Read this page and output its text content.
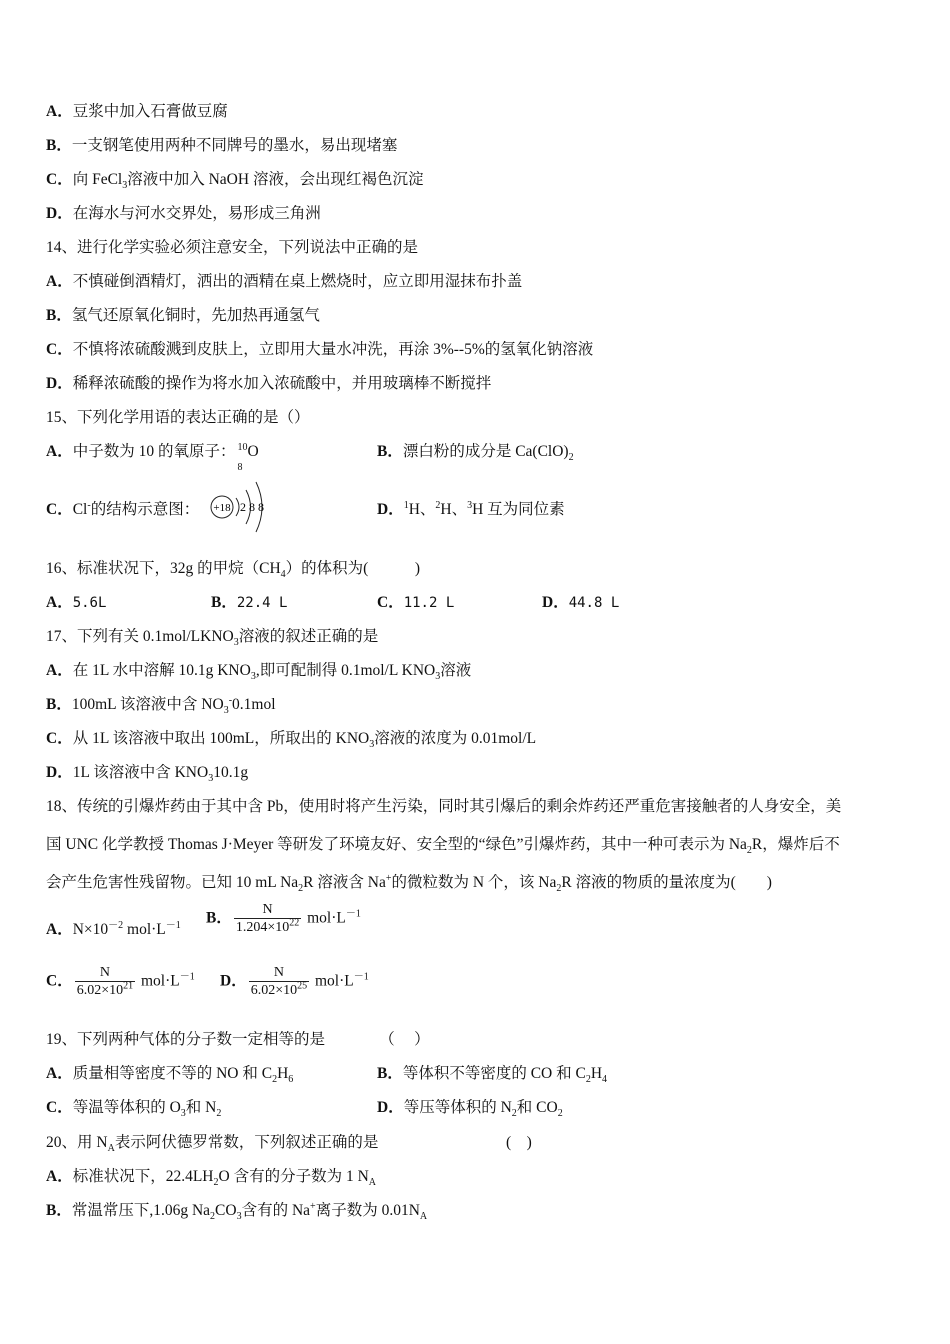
A．豆浆中加入石膏做豆腐
B．一支钢笔使用两种不同牌号的墨水，易出现堵塞
C．向 FeCl$_3$溶液中加入 NaOH 溶液，会出现红褐色沉淀
D．在海水与河水交界处，易形成三角洲
14、进行化学实验必须注意安全，下列说法中正确的是
A．不慎碰倒酒精灯，洒出的酒精在桌上燃烧时，应立即用湿抹布扑盖
B．氢气还原氧化铜时，先加热再通氢气
C．不慎将浓硫酸溅到皮肤上，立即用大量水冲洗，再涂 3%--5%的氢氧化钠溶液
D．稀释浓硫酸的操作为将水加入浓硫酸中，并用玻璃棒不断搅拌
15、下列化学用语的表达正确的是（）
A．中子数为 10 的氧原子： 10
8
O	B．漂白粉的成分是 $Ca(ClO)_2$
C．Cl-的结构示意图： +18 2 8 8	D．$^1$H、$^2$H、$^3$H 互为同位素
16、标准状况下，32g 的甲烷$(CH_4)$的体积为(　　　)
A．5.6L	B．22.4 L	C．11.2 L	D．44.8 L
17、下列有关 $0.1mol/LKNO_3$溶液的叙述正确的是
A．在 1L 水中溶解 10.1g $KNO_3$,即可配制得 0.1mol/L $KNO_3$溶液
B．100mL 该溶液中含 $NO_3^-0.1mol$
C．从 1L 该溶液中取出 100mL，所取出的 $KNO_3$溶液的浓度为 0.01mol/L
D．1L 该溶液中含 $KNO_310.1g$
18、传统的引爆炸药由于其中含 Pb，使用时将产生污染，同时其引爆后的剩余炸药还严重危害接触者的人身安全，美
国 UNC 化学教授 Thomas J·Meyer 等研发了环境友好、安全型的“绿色”引爆炸药，其中一种可表示为 $Na_2R$，爆炸后不
会产生危害性残留物。已知 10 mL $Na_2R$ 溶液含 Na+的微粒数为 N 个，该 $Na_2R$ 溶液的物质的量浓度为(　　)
A．$N\times 10^{-2}$ $mol\cdot L^{-1}$ B． $\frac{N}{1.204\times 10^{22}} mol\cdot L^{-1}$
C． $\frac{N}{6.02\times 10^{21}} mol\cdot L^{-1}$ D． $\frac{N}{6.02\times 10^{25}} mol\cdot L^{-1}$
19、下列两种气体的分子数一定相等的是　　　　（　 ）
A．质量相等密度不等的 NO 和 $C_2H_6$	B．等体积不等密度的 CO 和 $C_2H_4$
C．等温等体积的 $O_3$和 $N_2$	D．等压等体积的 $N_2$和 $CO_2$
20、用 $N_A$表示阿伏德罗常数，下列叙述正确的是	(　)
A．标准状况下，$22.4LH_2O$ 含有的分子数为 1 $N_A$
B．常温常压下,1.06g $Na_2CO_3$含有的 Na+离子数为 $0.01N_A$
